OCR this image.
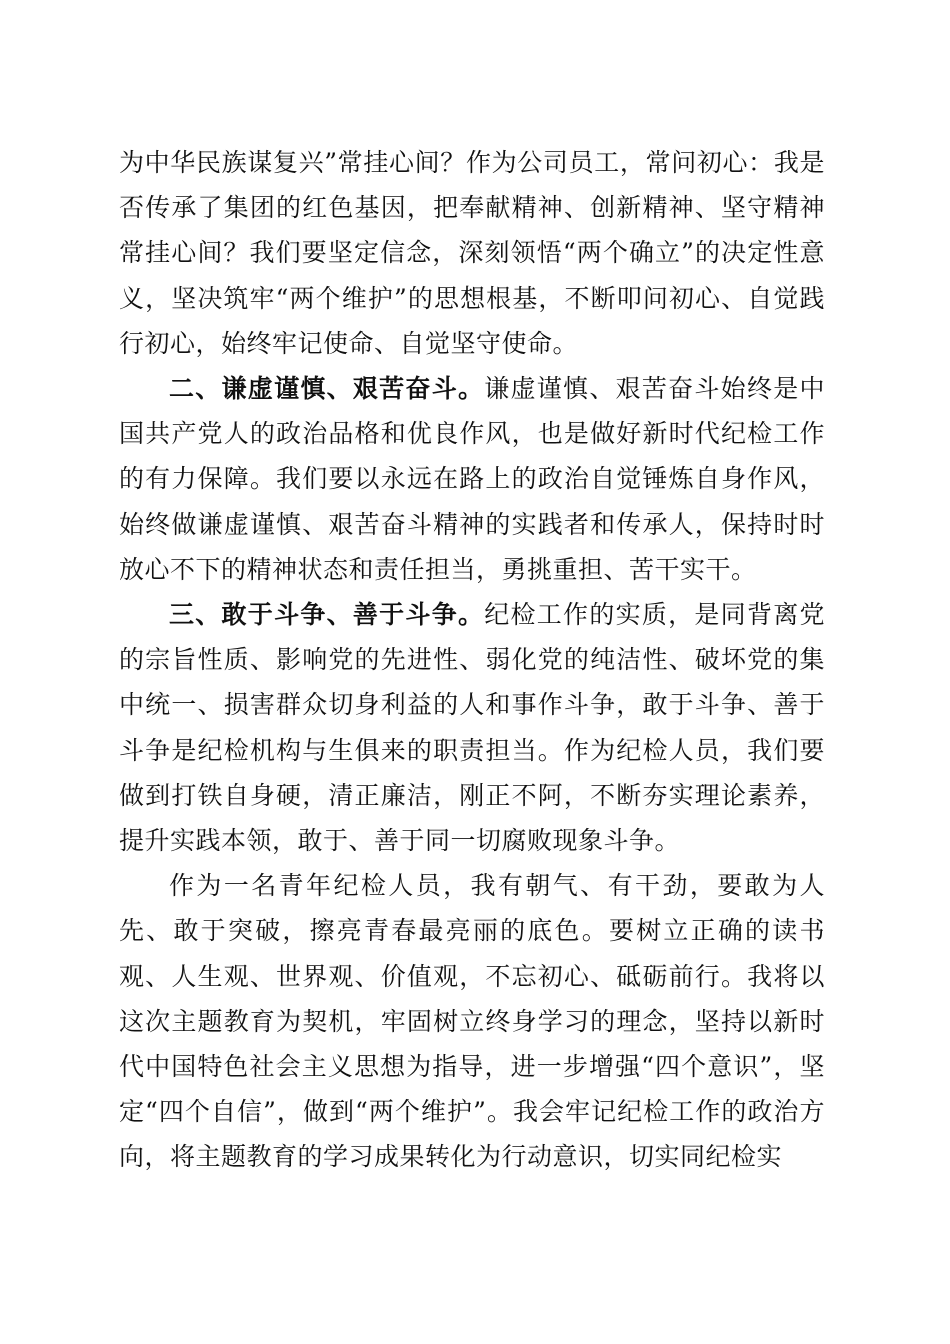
为中华民族谋复兴”常挂心间？作为公司员工，常问初心：我是否传承了集团的红色基因，把奉献精神、创新精神、坚守精神常挂心间？我们要坚定信念，深刻领悟“两个确立”的决定性意义，坚决筑牢“两个维护”的思想根基，不断叩问初心、自觉践行初心，始终牢记使命、自觉坚守使命。

二、谦虚谨慎、艰苦奋斗。谦虚谨慎、艰苦奋斗始终是中国共产党人的政治品格和优良作风，也是做好新时代纪检工作的有力保障。我们要以永远在路上的政治自觉锤炼自身作风，始终做谦虚谨慎、艰苦奋斗精神的实践者和传承人，保持时时放心不下的精神状态和责任担当，勇挑重担、苦干实干。

三、敢于斗争、善于斗争。纪检工作的实质，是同背离党的宗旨性质、影响党的先进性、弱化党的纯洁性、破坏党的集中统一、损害群众切身利益的人和事作斗争，敢于斗争、善于斗争是纪检机构与生俱来的职责担当。作为纪检人员，我们要做到打铁自身硬，清正廉洁，刚正不阿，不断夯实理论素养，提升实践本领，敢于、善于同一切腐败现象斗争。

作为一名青年纪检人员，我有朝气、有干劲，要敢为人先、敢于突破，擦亮青春最亮丽的底色。要树立正确的读书观、人生观、世界观、价值观，不忘初心、砥砺前行。我将以这次主题教育为契机，牢固树立终身学习的理念，坚持以新时代中国特色社会主义思想为指导，进一步增强“四个意识”，坚定“四个自信”，做到“两个维护”。我会牢记纪检工作的政治方向，将主题教育的学习成果转化为行动意识，切实同纪检实
